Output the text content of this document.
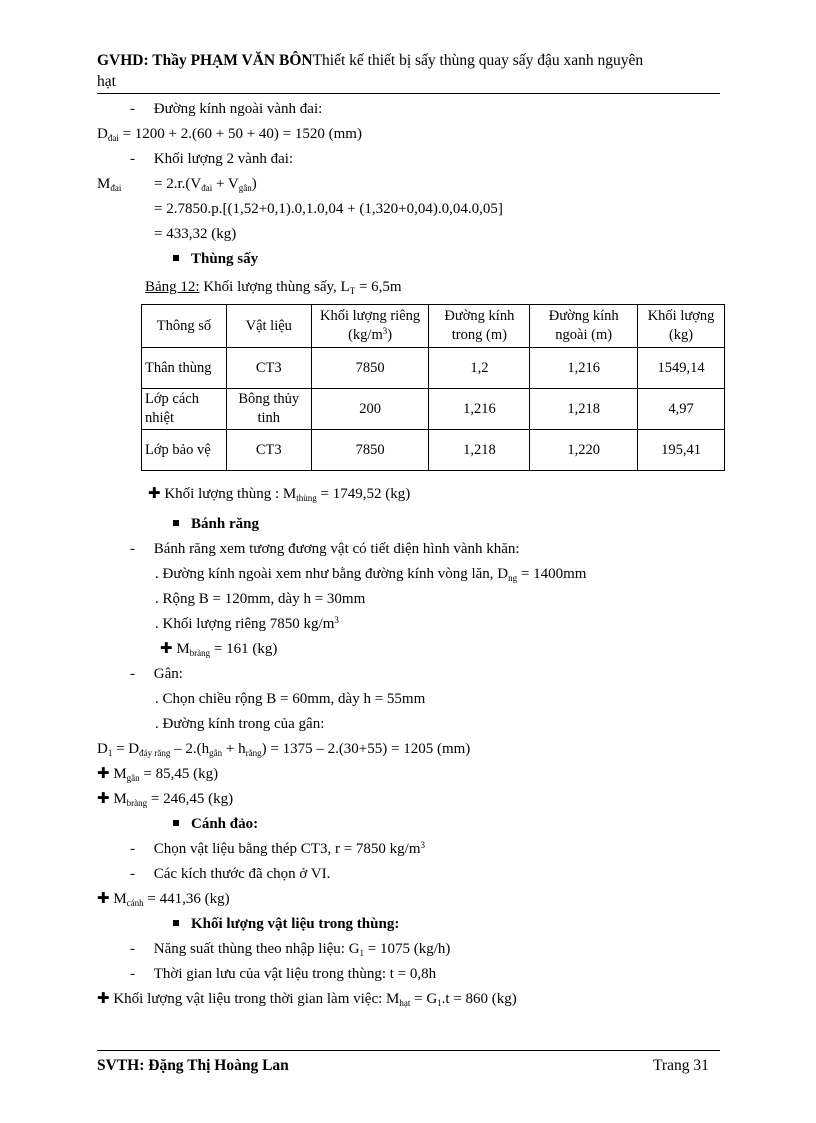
GVHD: Thầy PHẠM VĂN BÔNThiết kế thiết bị sấy thùng quay sấy đậu xanh nguyên
hạt
-     Đường kính ngoài vành đai:
$D_{đai} = 1200 + 2.(60 + 50 + 40) = 1520$ (mm)
-     Khối lượng 2 vành đai:
$M_{đai} = 2.r.(V_{đai} + V_{gân})$
= 2.7850.p.[(1,52+0,1).0,1.0,04 + (1,320+0,04).0,04.0,05]
= 433,32 (kg)
Thùng sấy
Bảng 12: Khối lượng thùng sấy, $L_T = 6,5m$
Thông số	Vật liệu	Khối lượng riêng $(kg/m^3)$	Đường kính trong (m)	Đường kính ngoài (m)	Khối lượng (kg)
Thân thùng	CT3	7850	1,2	1,216	1549,14
Lớp cách nhiệt	Bông thủy tinh	200	1,216	1,218	4,97
Lớp bảo vệ	CT3	7850	1,218	1,220	195,41
✚ Khối lượng thùng : $M_{thùng} = 1749,52$ (kg)
Bánh răng
-     Bánh răng xem tương đương vật có tiết diện hình vành khăn:
. Đường kính ngoài xem như bằng đường kính vòng lăn, $D_{ng} = 1400mm$
. Rộng B = 120mm, dày h = 30mm
. Khối lượng riêng 7850 $kg/m^3$
✚ $M_{bràng} = 161$ (kg)
-     Gân:
. Chọn chiều rộng B = 60mm, dày h = 55mm
. Đường kính trong của gân:
$D_1 = D_{đáy răng} - 2.(h_{gân} + h_{răng}) = 1375 - 2.(30+55) = 1205$ (mm)
✚ $M_{gân} = 85,45$ (kg)
✚ $M_{bràng} = 246,45$ (kg)
Cánh đảo:
-     Chọn vật liệu bằng thép CT3, r = 7850 $kg/m^3$
-     Các kích thước đã chọn ở VI.
✚ $M_{cánh} = 441,36$ (kg)
Khối lượng vật liệu trong thùng:
-     Năng suất thùng theo nhập liệu: $G_1 = 1075$ (kg/h)
-     Thời gian lưu của vật liệu trong thùng: t = 0,8h
✚ Khối lượng vật liệu trong thời gian làm việc: $M_{hạt} = G_1.t = 860$ (kg)
SVTH: Đặng Thị Hoàng Lan	Trang 31
